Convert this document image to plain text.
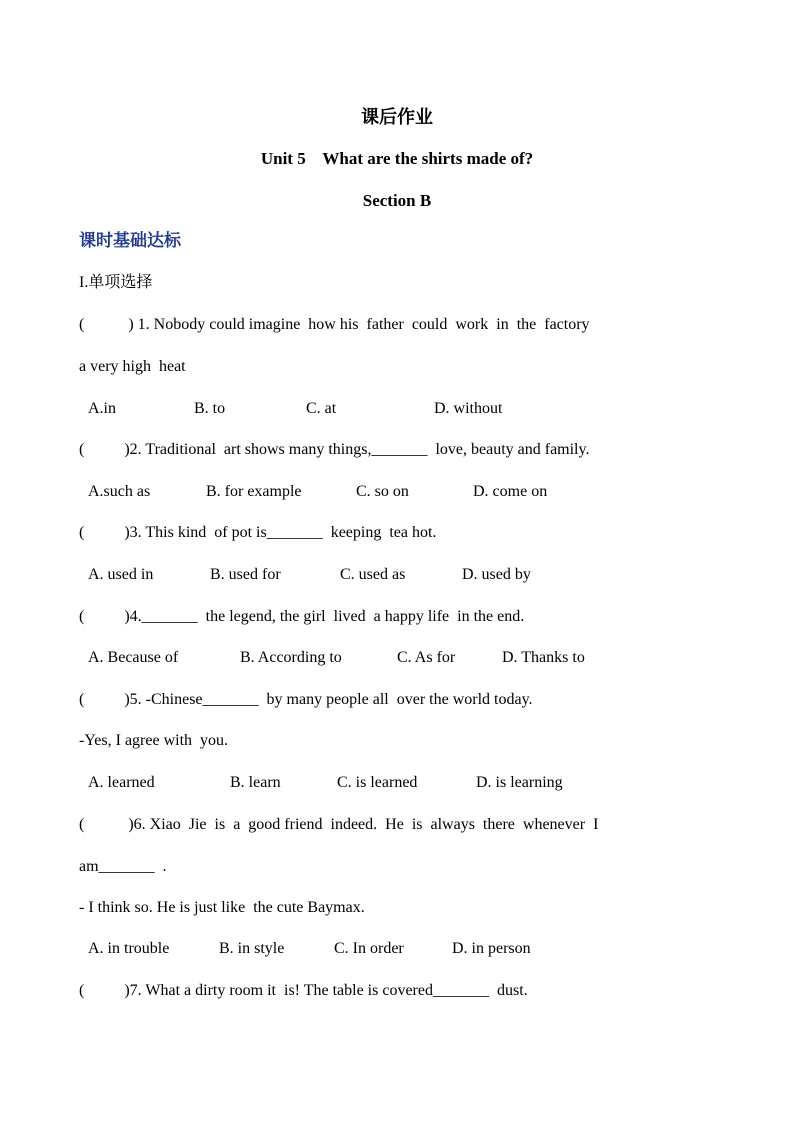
课后作业
Unit 5    What are the shirts made of?
Section B
课时基础达标
I.单项选择
(           ) 1. Nobody could imagine  how his  father  could  work  in  the  factory
a very high  heat
A.in	B. to	C. at	D. without
(          )2. Traditional  art shows many things,_______  love, beauty and family.
A.such as	B. for example	C. so on	D. come on
(          )3. This kind  of pot is_______  keeping  tea hot.
A. used in	B. used for	C. used as	D. used by
(          )4._______  the legend, the girl  lived  a happy life  in the end.
A. Because of	B. According to	C. As for	D. Thanks to
(          )5. -Chinese_______  by many people all  over the world today.
-Yes, I agree with  you.
A. learned	B. learn	C. is learned	D. is learning
(           )6. Xiao  Jie  is  a  good friend  indeed.  He  is  always  there  whenever  I
am_______  .
- I think so. He is just like  the cute Baymax.
A. in trouble	B. in style	C. In order	D. in person
(          )7. What a dirty room it  is! The table is covered_______  dust.
